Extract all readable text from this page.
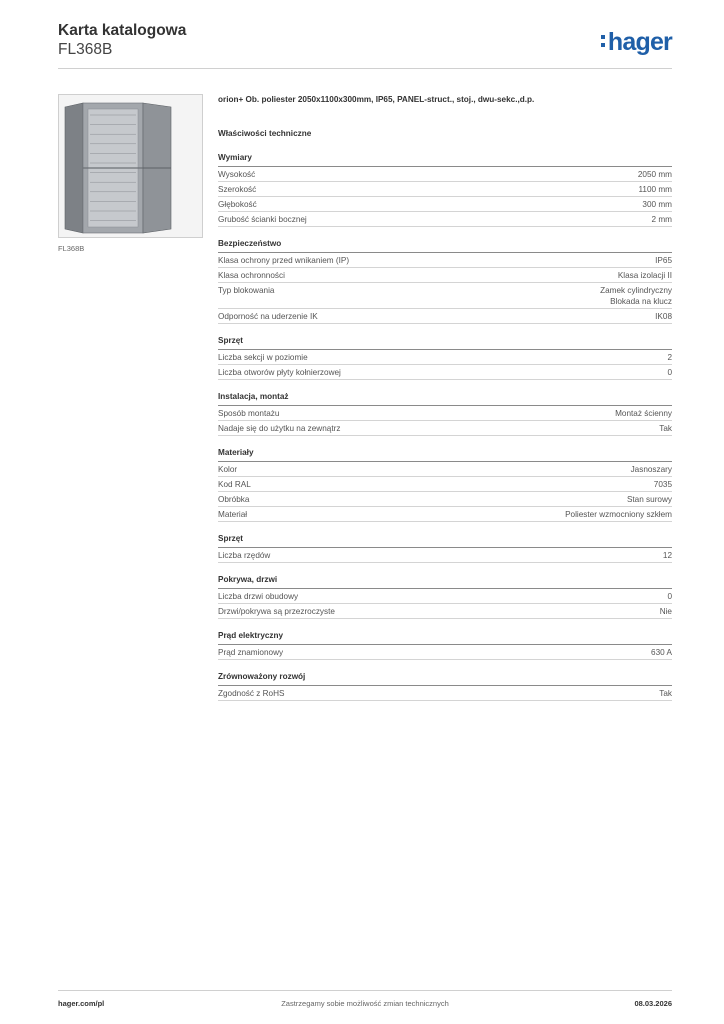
Karta katalogowa
FL368B	hager
FL368B
orion+ Ob. poliester 2050x1100x300mm, IP65, PANEL-struct., stoj., dwu-sekc.,d.p.
Właściwości techniczne
Wymiary
Wysokość	2050 mm
Szerokość	1100 mm
Głębokość	300 mm
Grubość ścianki bocznej	2 mm
Bezpieczeństwo
Klasa ochrony przed wnikaniem (IP)	IP65
Klasa ochronności	Klasa izolacji II
Typ blokowania	Zamek cylindryczny
Blokada na klucz
Odporność na uderzenie IK	IK08
Sprzęt
Liczba sekcji w poziomie	2
Liczba otworów płyty kołnierzowej	0
Instalacja, montaż
Sposób montażu	Montaż ścienny
Nadaje się do użytku na zewnątrz	Tak
Materiały
Kolor	Jasnoszary
Kod RAL	7035
Obróbka	Stan surowy
Materiał	Poliester wzmocniony szkłem
Sprzęt
Liczba rzędów	12
Pokrywa, drzwi
Liczba drzwi obudowy	0
Drzwi/pokrywa są przezroczyste	Nie
Prąd elektryczny
Prąd znamionowy	630 A
Zrównoważony rozwój
Zgodność z RoHS	Tak
hager.com/pl	Zastrzegamy sobie możliwość zmian technicznych	08.03.2026
